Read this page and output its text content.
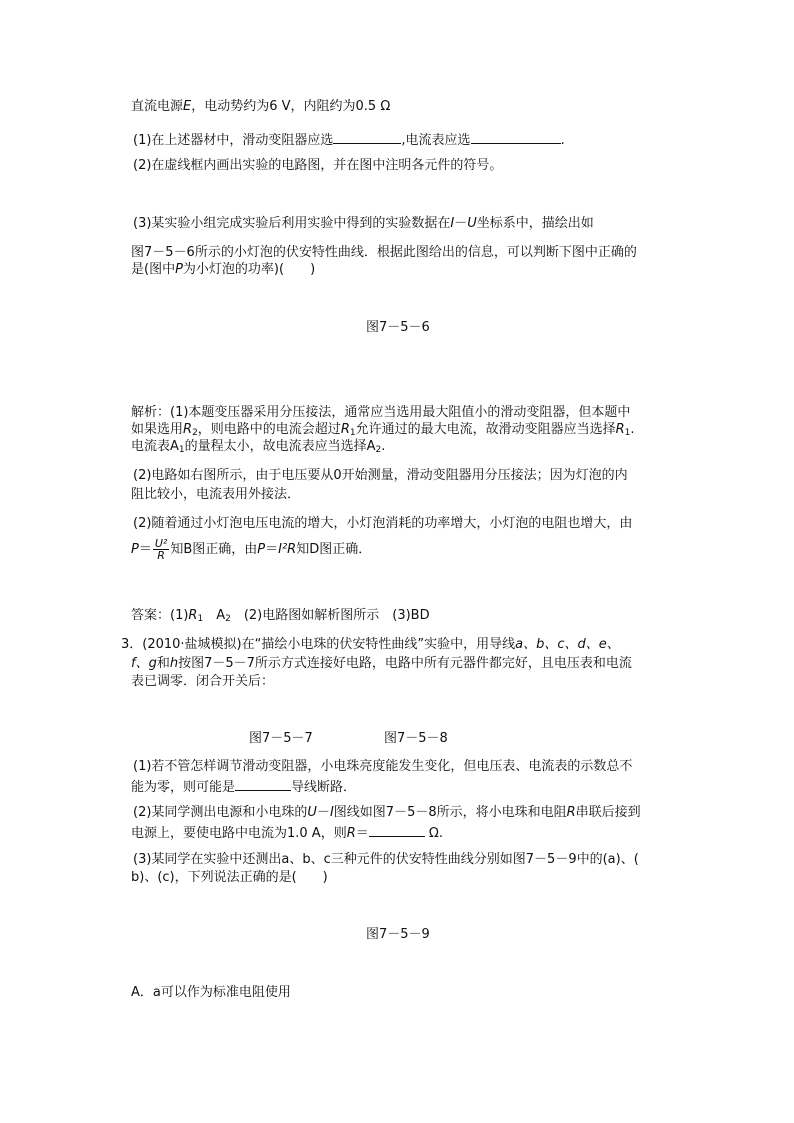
直流电源E，电动势约为6 V，内阻约为0.5 Ω
(1)在上述器材中，滑动变阻器应选	,电流表应选	.
(2)在虚线框内画出实验的电路图，并在图中注明各元件的符号。
(3)某实验小组完成实验后利用实验中得到的实验数据在I－U坐标系中，描绘出如
图7－5－6所示的小灯泡的伏安特性曲线．根据此图给出的信息，可以判断下图中正确的
是(图中P为小灯泡的功率)(　　)
图7－5－6
解析：(1)本题变压器采用分压接法，通常应当选用最大阻值小的滑动变阻器，但本题中
如果选用$R_2$，则电路中的电流会超过$R_1$允许通过的最大电流，故滑动变阻器应当选择$R_1$.
电流表$A_1$的量程太小，故电流表应当选择$A_2$.
(2)电路如右图所示，由于电压要从0开始测量，滑动变阻器用分压接法；因为灯泡的内
阻比较小，电流表用外接法．
(2)随着通过小灯泡电压电流的增大，小灯泡消耗的功率增大，小灯泡的电阻也增大，由
$P= \frac{\text{U²}}{R}$ 知B图正确，由P＝I²R知D图正确．
答案：$(1)R_1$　$A_2$　(2)电路图如解析图所示　(3)BD
3．(2010·盐城模拟)在“描绘小电珠的伏安特性曲线”实验中，用导线a、b、c、d、e、
f、g和h按图7－5－7所示方式连接好电路，电路中所有元器件都完好，且电压表和电流
表已调零．闭合开关后：
图7－5－7	图7－5－8
(1)若不管怎样调节滑动变阻器，小电珠亮度能发生变化，但电压表、电流表的示数总不
能为零，则可能是	导线断路．
(2)某同学测出电源和小电珠的U－I图线如图7－5－8所示，将小电珠和电阻R串联后接到
电源上，要使电路中电流为1.0 A，则R＝	Ω.
(3)某同学在实验中还测出a、b、c三种元件的伏安特性曲线分别如图7－5－9中的(a)、(
b)、(c)，下列说法正确的是(　　)
图7－5－9
A．a可以作为标准电阻使用
